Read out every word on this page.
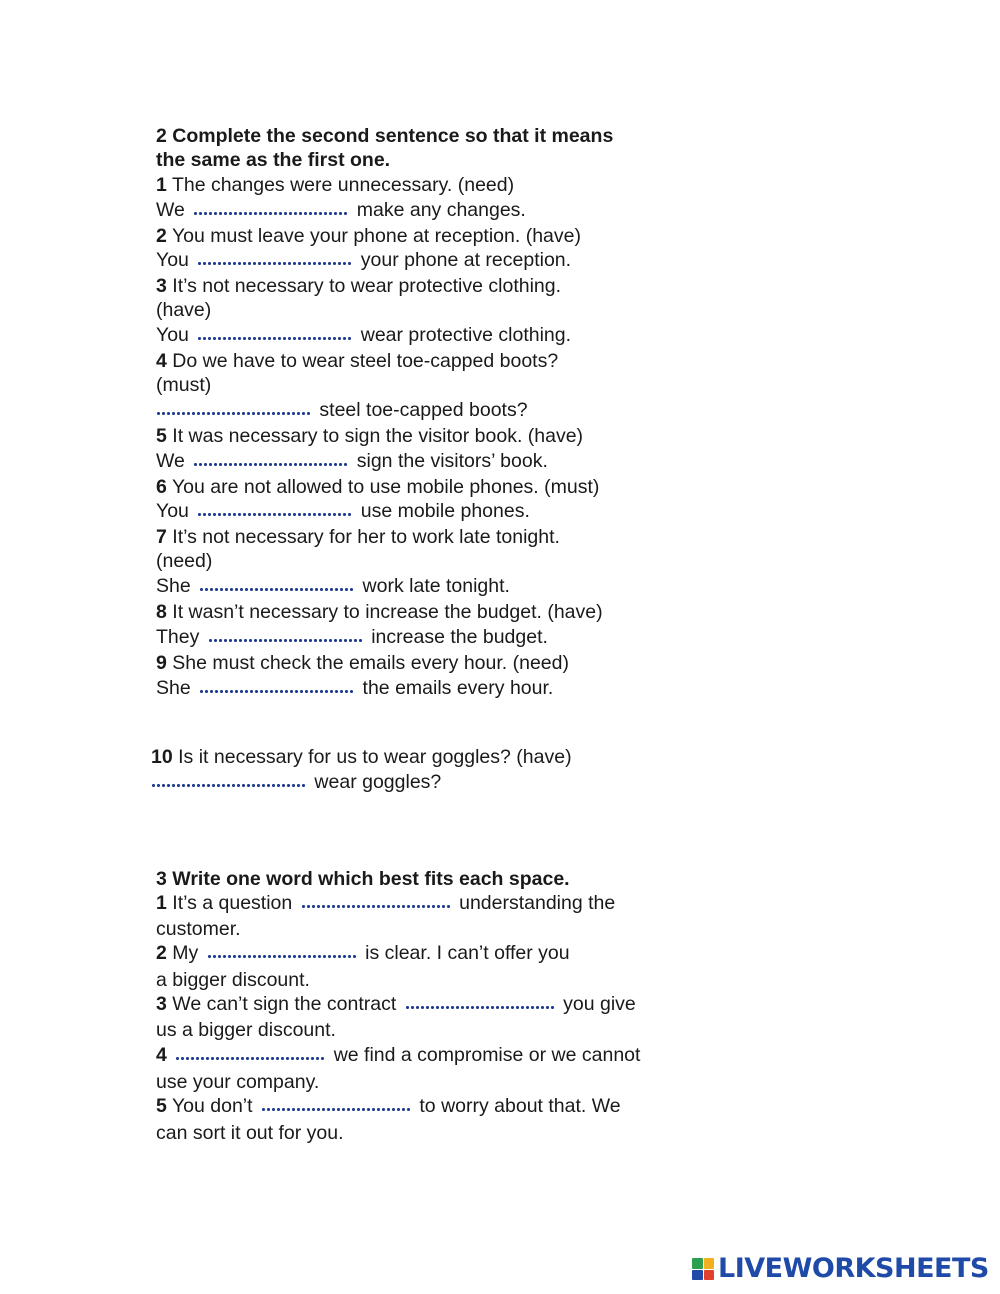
2 Complete the second sentence so that it means
the same as the first one.
1 The changes were unnecessary. (need)
We	make any changes.
2 You must leave your phone at reception. (have)
You	your phone at reception.
3 It’s not necessary to wear protective clothing.
(have)
You	wear protective clothing.
4 Do we have to wear steel toe-capped boots?
(must)
steel toe-capped boots?
5 It was necessary to sign the visitor book. (have)
We	sign the visitors’ book.
6 You are not allowed to use mobile phones. (must)
You	use mobile phones.
7 It’s not necessary for her to work late tonight.
(need)
She	work late tonight.
8 It wasn’t necessary to increase the budget. (have)
They	increase the budget.
9 She must check the emails every hour. (need)
She	the emails every hour.
10 Is it necessary for us to wear goggles? (have)
wear goggles?
3 Write one word which best fits each space.
1 It’s a question	understanding the
customer.
2 My	is clear. I can’t offer you
a bigger discount.
3 We can’t sign the contract	you give
us a bigger discount.
4	we find a compromise or we cannot
use your company.
5 You don’t	to worry about that. We
can sort it out for you.
LIVEWORKSHEETS
